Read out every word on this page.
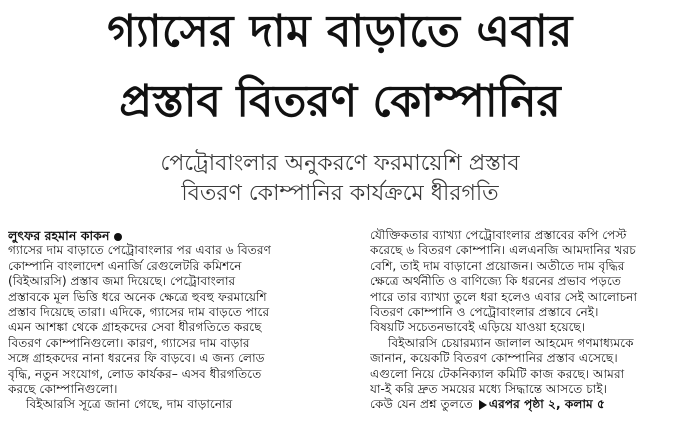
গ্যাসের দাম বাড়াতে এবার
প্রস্তাব বিতরণ কোম্পানির
পেট্রোবাংলার অনুকরণে ফরমায়েশি প্রস্তাব
বিতরণ কোম্পানির কার্যক্রমে ধীরগতি
লুৎফর রহমান কাকন
গ্যাসের দাম বাড়াতে পেট্রোবাংলার পর এবার ৬ বিতরণ
কোম্পানি বাংলাদেশ এনার্জি রেগুলেটরি কমিশনে
(বিইআরসি) প্রস্তাব জমা দিয়েছে। পেট্রোবাংলার
প্রস্তাবকে মূল ভিত্তি ধরে অনেক ক্ষেত্রে হুবহু ফরমায়েশি
প্রস্তাব দিয়েছে তারা। এদিকে, গ্যাসের দাম বাড়তে পারে
এমন আশঙ্কা থেকে গ্রাহকদের সেবা ধীরগতিতে করছে
বিতরণ কোম্পানিগুলো। কারণ, গ্যাসের দাম বাড়ার
সঙ্গে গ্রাহকদের নানা ধরনের ফি বাড়বে। এ জন্য লোড
বৃদ্ধি, নতুন সংযোগ, লোড কার্যকর– এসব ধীরগতিতে
করছে কোম্পানিগুলো।
বিইআরসি সূত্রে জানা গেছে, দাম বাড়ানোর
যৌক্তিকতার ব্যাখ্যা পেট্রোবাংলার প্রস্তাবের কপি পেস্ট
করেছে ৬ বিতরণ কোম্পানি। এলএনজি আমদানির খরচ
বেশি, তাই দাম বাড়ানো প্রয়োজন। অতীতে দাম বৃদ্ধির
ক্ষেত্রে অর্থনীতি ও বাণিজ্যে কি ধরনের প্রভাব পড়তে
পারে তার ব্যাখ্যা তুলে ধরা হলেও এবার সেই আলোচনা
বিতরণ কোম্পানি ও পেট্রোবাংলার প্রস্তাবে নেই।
বিষয়টি সচেতনভাবেই এড়িয়ে যাওয়া হয়েছে।
বিইআরসি চেয়ারম্যান জালাল আহমেদ গণমাধ্যমকে
জানান, কয়েকটি বিতরণ কোম্পানির প্রস্তাব এসেছে।
এগুলো নিয়ে টেকনিক্যাল কমিটি কাজ করছে। আমরা
যা-ই করি দ্রুত সময়ের মধ্যে সিদ্ধান্তে আসতে চাই।
কেউ যেন প্রশ্ন তুলতে এরপর পৃষ্ঠা ২, কলাম ৫
